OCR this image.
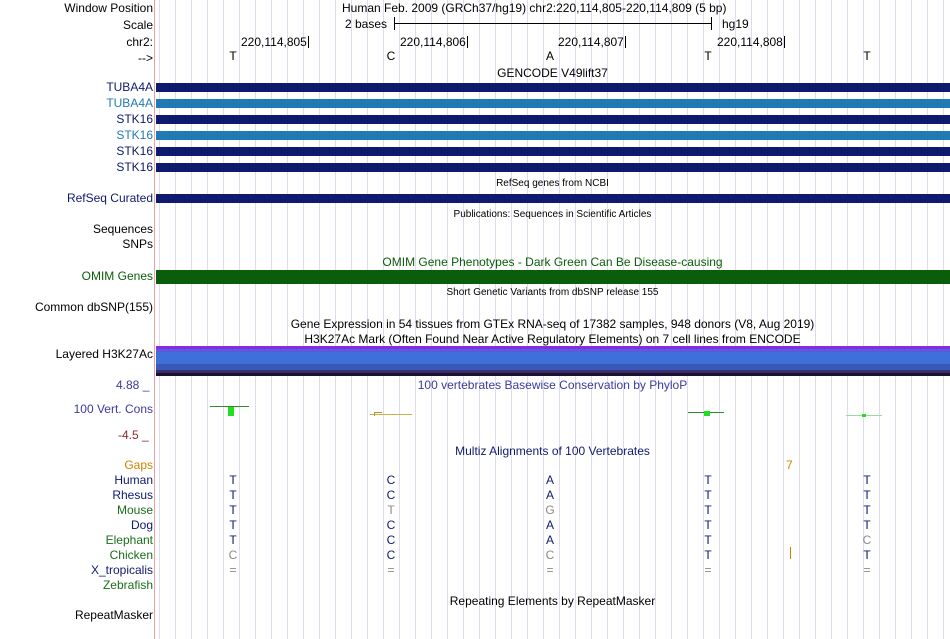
Window Position	Human Feb. 2009 (GRCh37/hg19) chr2:220,114,805-220,114,809 (5 bp)
Scale	2 bases	hg19
chr2:	220,114,805	220,114,806	220,114,807	220,114,808
-->	T	C	A	T	T
GENCODE V49lift37
TUBA4A
TUBA4A
STK16
STK16
STK16
STK16
RefSeq genes from NCBI
RefSeq Curated
Publications: Sequences in Scientific Articles
Sequences
SNPs
OMIM Gene Phenotypes - Dark Green Can Be Disease-causing
OMIM Genes
Short Genetic Variants from dbSNP release 155
Common dbSNP(155)
Gene Expression in 54 tissues from GTEx RNA-seq of 17382 samples, 948 donors (V8, Aug 2019)
H3K27Ac Mark (Often Found Near Active Regulatory Elements) on 7 cell lines from ENCODE
Layered H3K27Ac
100 vertebrates Basewise Conservation by PhyloP
4.88 _
100 Vert. Cons
-4.5 _
Multiz Alignments of 100 Vertebrates
Gaps	7
Human	T	C	A	T	T
Rhesus	T	C	A	T	T
Mouse	T	T	G	T	T
Dog	T	C	A	T	T
Elephant	T	C	A	T	C
Chicken	C	C	C	T	T
X_tropicalis	=	=	=	=	=
Zebrafish
Repeating Elements by RepeatMasker
RepeatMasker
